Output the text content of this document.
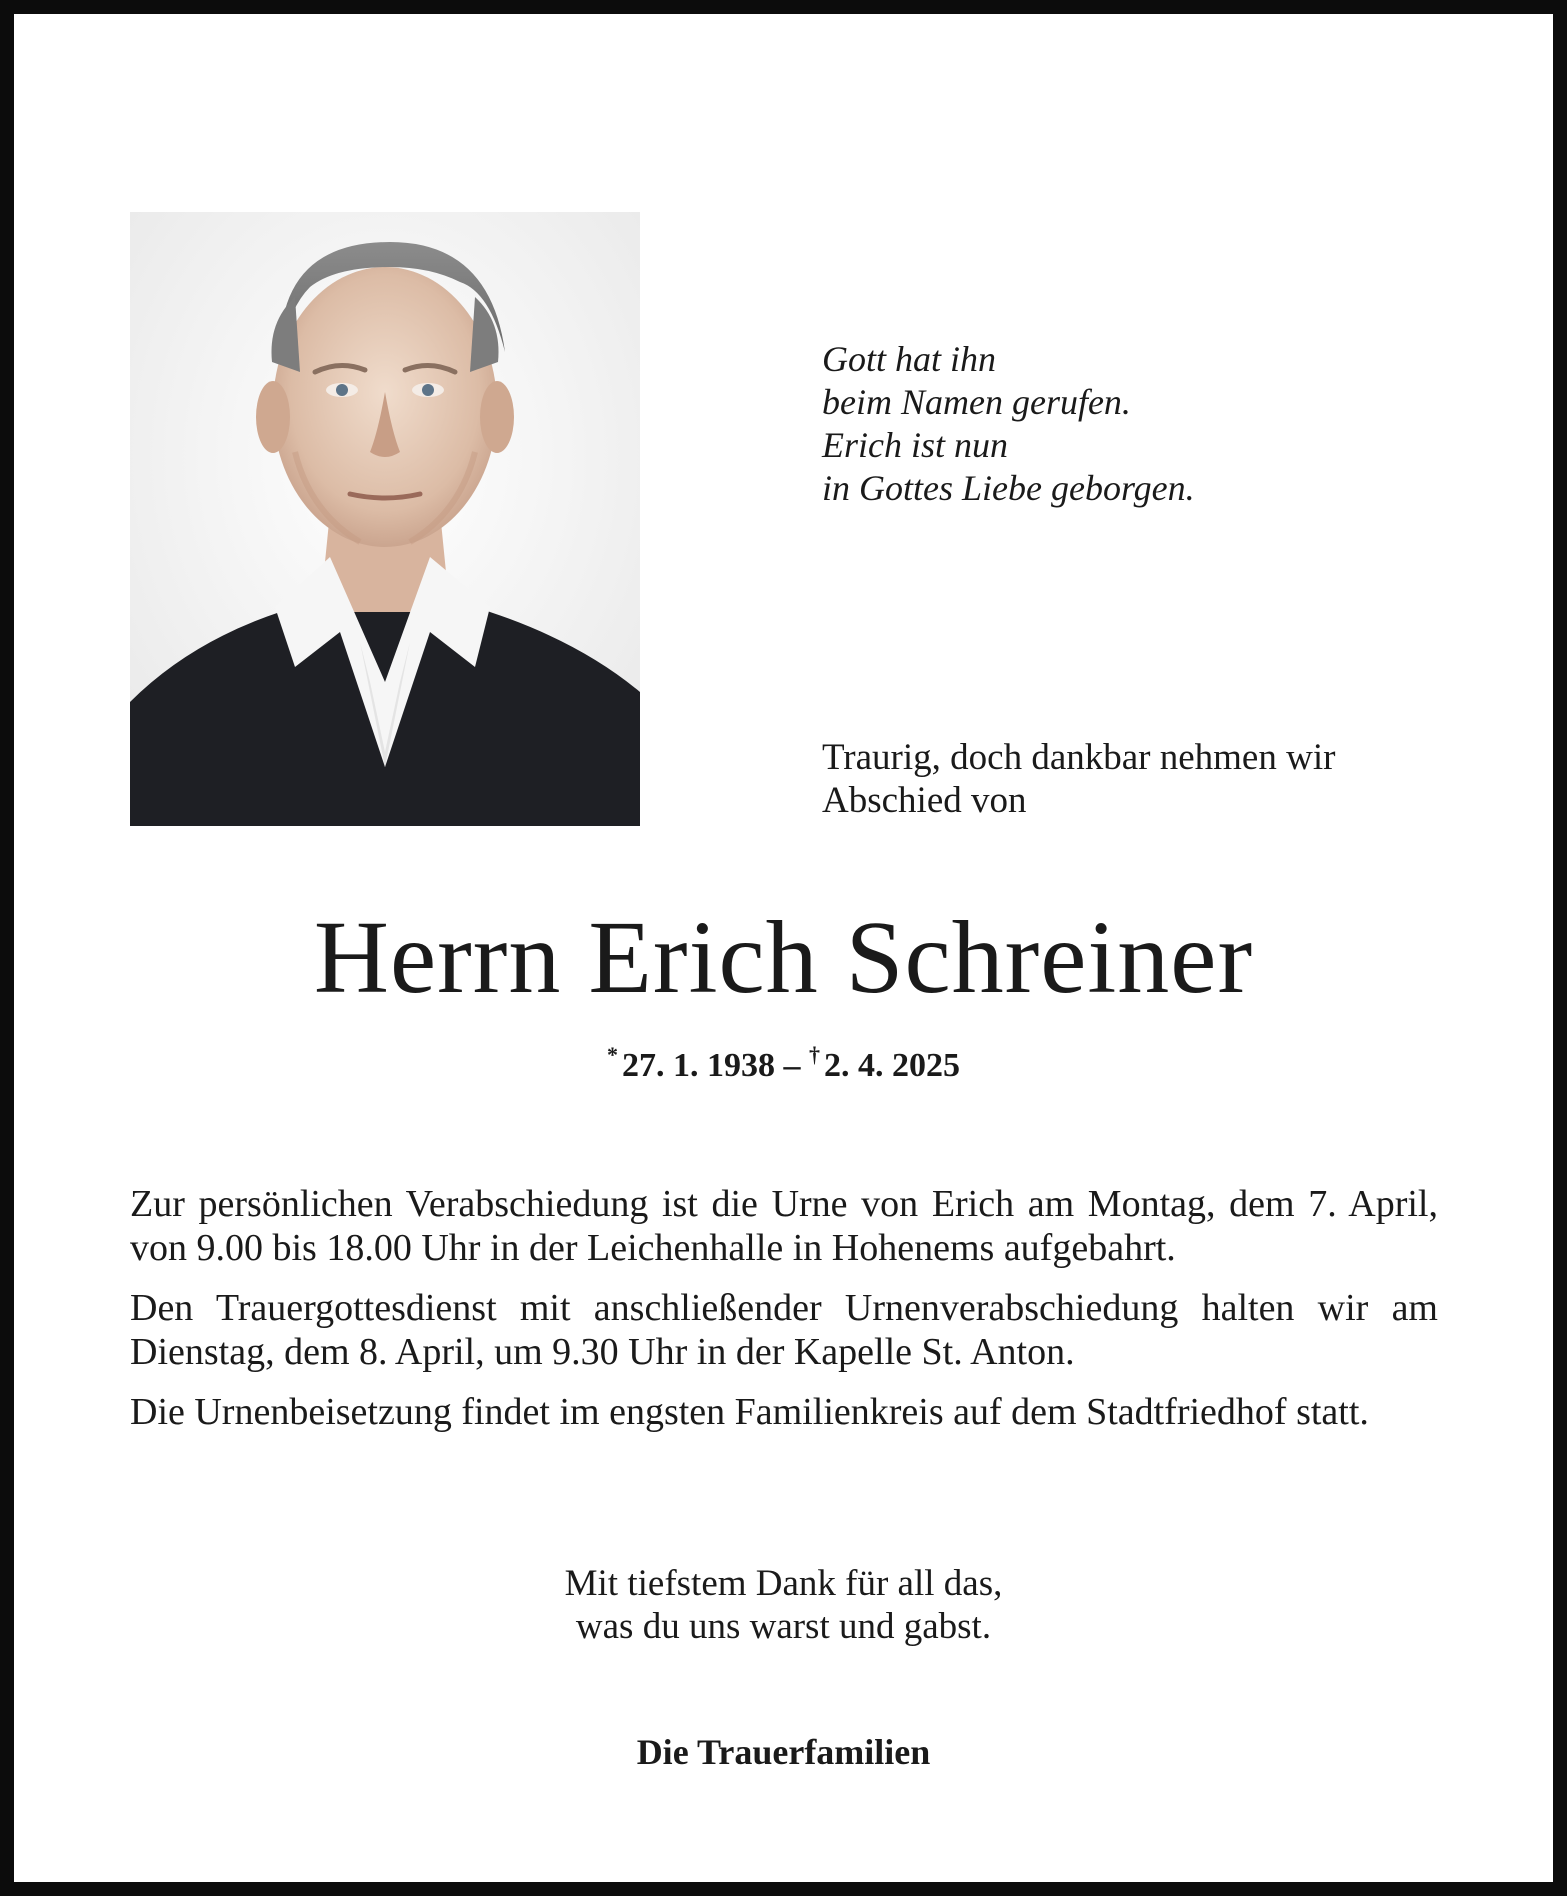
Gott hat ihn
beim Namen gerufen.
Erich ist nun
in Gottes Liebe geborgen.
Traurig, doch dankbar nehmen wir
Abschied von
Herrn Erich Schreiner
* 27. 1. 1938 – † 2. 4. 2025

Zur persönlichen Verabschiedung ist die Urne von Erich am Montag, dem 7. April, von 9.00 bis 18.00 Uhr in der Leichenhalle in Hohenems aufgebahrt.

Den Trauergottesdienst mit anschließender Urnenverabschiedung halten wir am Dienstag, dem 8. April, um 9.30 Uhr in der Kapelle St. Anton.

Die Urnenbeisetzung findet im engsten Familienkreis auf dem Stadtfriedhof statt.

Mit tiefstem Dank für all das,
was du uns warst und gabst.
Die Trauerfamilien
